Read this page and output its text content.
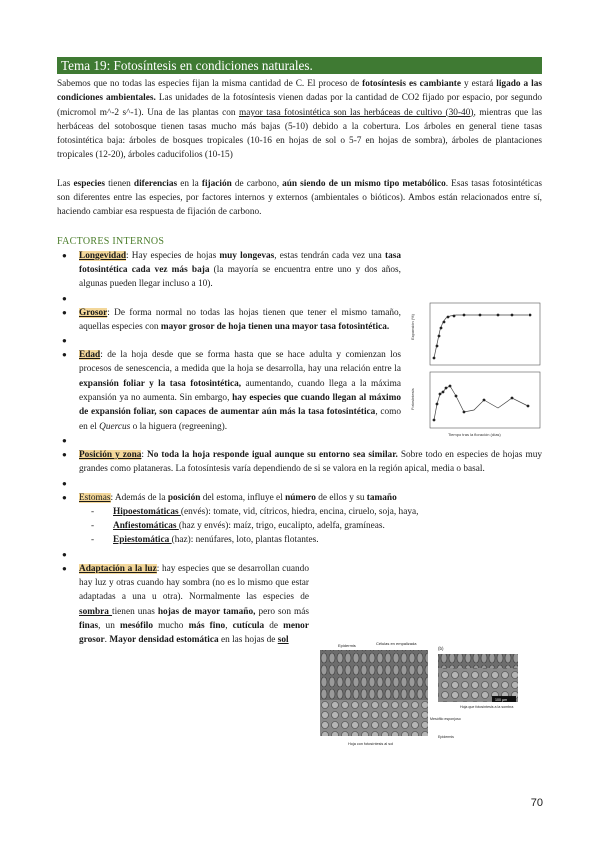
Tema 19: Fotosíntesis en condiciones naturales.

Sabemos que no todas las especies fijan la misma cantidad de C. El proceso de fotosíntesis es cambiante y estará ligado a las condiciones ambientales. Las unidades de la fotosíntesis vienen dadas por la cantidad de CO2 fijado por espacio, por segundo (micromol m^-2 s^-1). Una de las plantas con mayor tasa fotosintética son las herbáceas de cultivo (30-40), mientras que las herbáceas del sotobosque tienen tasas mucho más bajas (5-10) debido a la cobertura. Los árboles en general tiene tasas fotosintética baja: árboles de bosques tropicales (10-16 en hojas de sol o 5-7 en hojas de sombra), árboles de plantaciones tropicales (12-20), árboles caducifolios (10-15)

Las especies tienen diferencias en la fijación de carbono, aún siendo de un mismo tipo metabólico. Esas tasas fotosintéticas son diferentes entre las especies, por factores internos y externos (ambientales o bióticos). Ambos están relacionados entre sí, haciendo cambiar esa respuesta de fijación de carbono.

FACTORES INTERNOS
● Longevidad: Hay especies de hojas muy longevas, estas tendrán cada vez una tasa fotosintética cada vez más baja (la mayoría se encuentra entre uno y dos años, algunas pueden llegar incluso a 10).
●
● Grosor: De forma normal no todas las hojas tienen que tener el mismo tamaño, aquellas especies con mayor grosor de hoja tienen una mayor tasa fotosintética.
●
● Edad: de la hoja desde que se forma hasta que se hace adulta y comienzan los procesos de senescencia, a medida que la hoja se desarrolla, hay una relación entre la expansión foliar y la tasa fotosintética, aumentando, cuando llega a la máxima expansión ya no aumenta. Sin embargo, hay especies que cuando llegan al máximo de expansión foliar, son capaces de aumentar aún más la tasa fotosintética, como en el Quercus o la higuera (regreening).
●
● Posición y zona: No toda la hoja responde igual aunque su entorno sea similar. Sobre todo en especies de hojas muy grandes como plataneras. La fotosíntesis varía dependiendo de si se valora en la región apical, media o basal.
●
● Estomas: Además de la posición del estoma, influye el número de ellos y su tamaño
- Hipoestomáticas (envés): tomate, vid, cítricos, hiedra, encina, ciruelo, soja, haya,
- Anfiestomáticas (haz y envés): maíz, trigo, eucalipto, adelfa, gramíneas.
- Epiestomática (haz): nenúfares, loto, plantas flotantes.
●
● Adaptación a la luz: hay especies que se desarrollan cuando hay luz y otras cuando hay sombra (no es lo mismo que estar adaptadas a una u otra). Normalmente las especies de sombra tienen unas hojas de mayor tamaño, pero son más finas, un mesófilo mucho más fino, cutícula de menor grosor. Mayor densidad estomática en las hojas de sol
Expansión (%)
Fotosíntesis
Tiempo tras la floración (días)
Epidermis	Células en empalizada
(b)
Hoja que fotosíntesis a la sombra
100 µm
Mesófilo esponjoso
Epidermis
Hoja con fotosíntesis al sol
70
